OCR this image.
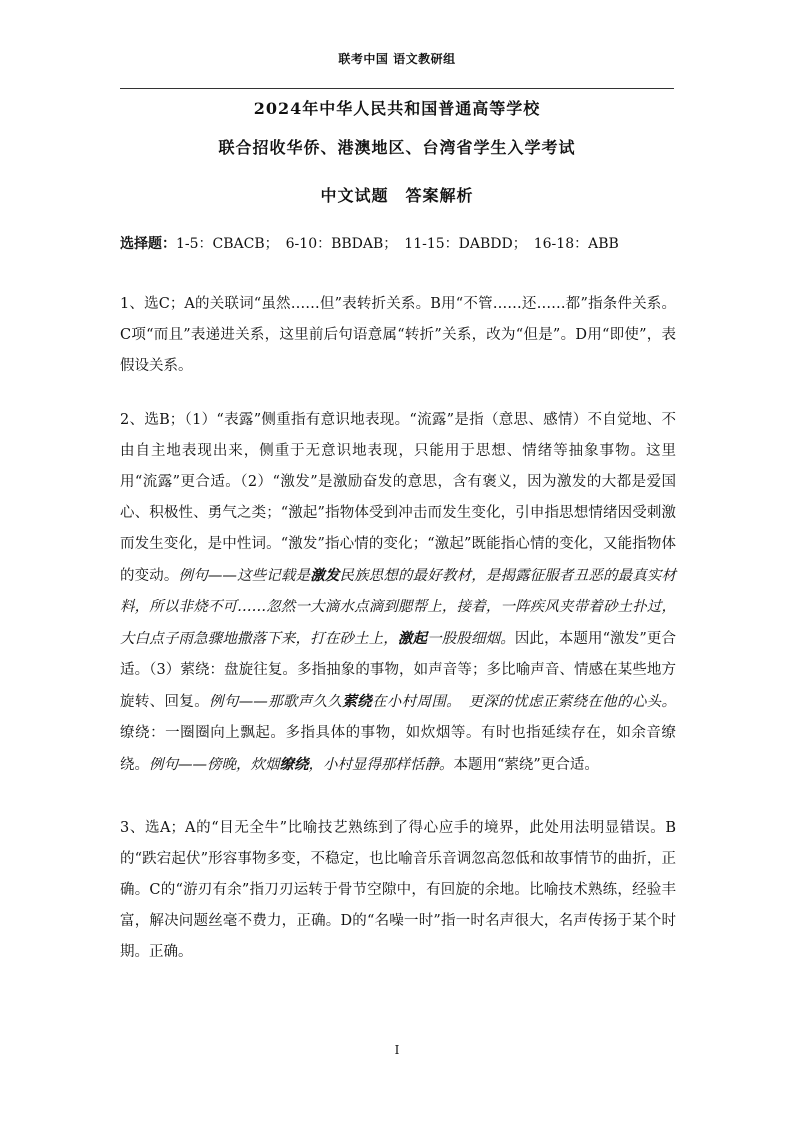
联考中国 语文教研组
2024年中华人民共和国普通高等学校
联合招收华侨、港澳地区、台湾省学生入学考试
中文试题　答案解析
选择题：1-5：CBACB；　6-10：BBDAB；　11-15：DABDD；　16-18：ABB
1、选C；A的关联词“虽然……但”表转折关系。B用“不管……还……都”指条件关系。C项“而且”表递进关系，这里前后句语意属“转折”关系，改为“但是”。D用“即使”，表假设关系。
2、选B；（1）“表露”侧重指有意识地表现。“流露”是指（意思、感情）不自觉地、不由自主地表现出来，侧重于无意识地表现，只能用于思想、情绪等抽象事物。这里用“流露”更合适。（2）“激发”是激励奋发的意思，含有褒义，因为激发的大都是爱国心、积极性、勇气之类；“激起”指物体受到冲击而发生变化，引申指思想情绪因受刺激而发生变化，是中性词。“激发”指心情的变化；“激起”既能指心情的变化，又能指物体的变动。例句——这些记载是激发民族思想的最好教材，是揭露征服者丑恶的最真实材料，所以非烧不可……忽然一大滴水点滴到腮帮上，接着，一阵疾风夹带着砂土扑过，大白点子雨急骤地撒落下来，打在砂土上，激起一股股细烟。因此，本题用“激发”更合适。（3）萦绕：盘旋往复。多指抽象的事物，如声音等；多比喻声音、情感在某些地方旋转、回复。例句——那歌声久久萦绕在小村周围。　更深的忧虑正萦绕在他的心头。缭绕：一圈圈向上飘起。多指具体的事物，如炊烟等。有时也指延续存在，如余音缭绕。例句——傍晚，炊烟缭绕，小村显得那样恬静。本题用“萦绕”更合适。
3、选A；A的“目无全牛”比喻技艺熟练到了得心应手的境界，此处用法明显错误。B的“跌宕起伏”形容事物多变，不稳定，也比喻音乐音调忽高忽低和故事情节的曲折，正确。C的“游刃有余”指刀刃运转于骨节空隙中，有回旋的余地。比喻技术熟练，经验丰富，解决问题丝毫不费力，正确。D的“名噪一时”指一时名声很大，名声传扬于某个时期。正确。
I
